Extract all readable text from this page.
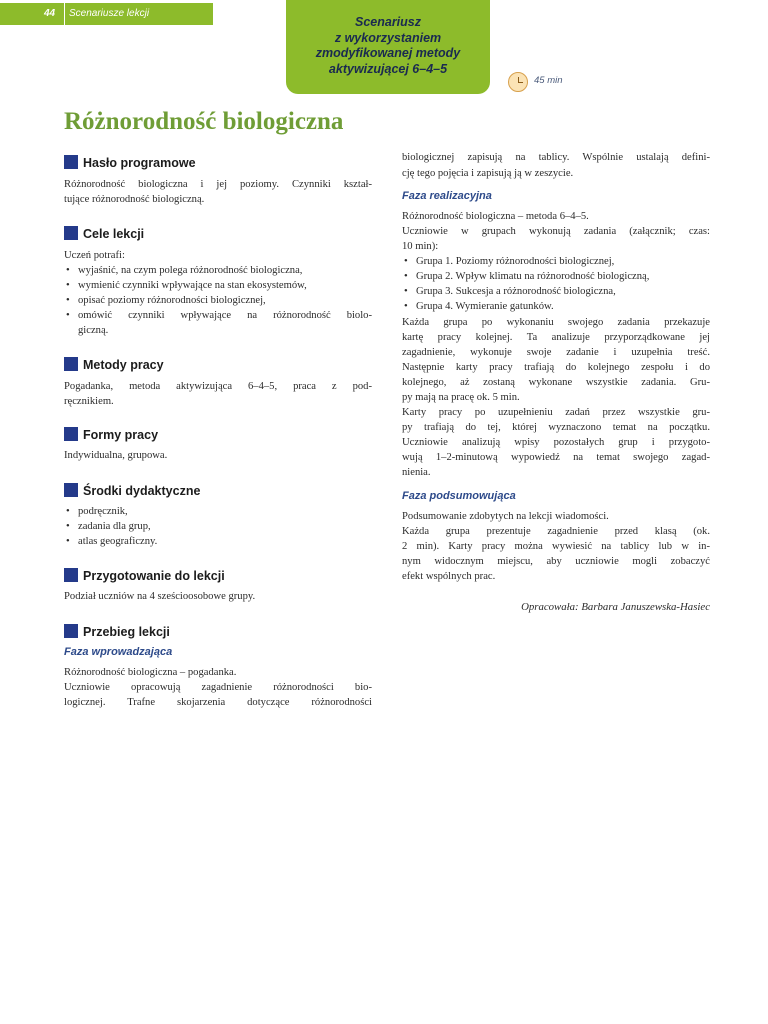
44	Scenariusze lekcji
Scenariusz
z wykorzystaniem
zmodyfikowanej metody
aktywizującej 6–4–5
45 min
Różnorodność biologiczna
Hasło programowe
Różnorodność biologiczna i jej poziomy. Czynniki kształ-
tujące różnorodność biologiczną.
Cele lekcji
Uczeń potrafi:
• wyjaśnić, na czym polega różnorodność biologiczna,
• wymienić czynniki wpływające na stan ekosystemów,
• opisać poziomy różnorodności biologicznej,
• omówić czynniki wpływające na różnorodność biolo-
giczną.
Metody pracy
Pogadanka, metoda aktywizująca 6–4–5, praca z pod-
ręcznikiem.
Formy pracy
Indywidualna, grupowa.
Środki dydaktyczne
• podręcznik,
• zadania dla grup,
• atlas geograficzny.
Przygotowanie do lekcji
Podział uczniów na 4 sześcioosobowe grupy.
Przebieg lekcji
Faza wprowadzająca
Różnorodność biologiczna – pogadanka.
Uczniowie opracowują zagadnienie różnorodności bio-
logicznej. Trafne skojarzenia dotyczące różnorodności
biologicznej zapisują na tablicy. Wspólnie ustalają defini-
cję tego pojęcia i zapisują ją w zeszycie.
Faza realizacyjna
Różnorodność biologiczna – metoda 6–4–5.
Uczniowie w grupach wykonują zadania (załącznik; czas:
10 min):
• Grupa 1. Poziomy różnorodności biologicznej,
• Grupa 2. Wpływ klimatu na różnorodność biologiczną,
• Grupa 3. Sukcesja a różnorodność biologiczna,
• Grupa 4. Wymieranie gatunków.
Każda grupa po wykonaniu swojego zadania przekazuje
kartę pracy kolejnej. Ta analizuje przyporządkowane jej
zagadnienie, wykonuje swoje zadanie i uzupełnia treść.
Następnie karty pracy trafiają do kolejnego zespołu i do
kolejnego, aż zostaną wykonane wszystkie zadania. Gru-
py mają na pracę ok. 5 min.
Karty pracy po uzupełnieniu zadań przez wszystkie gru-
py trafiają do tej, której wyznaczono temat na początku.
Uczniowie analizują wpisy pozostałych grup i przygoto-
wują 1–2-minutową wypowiedź na temat swojego zagad-
nienia.
Faza podsumowująca
Podsumowanie zdobytych na lekcji wiadomości.
Każda grupa prezentuje zagadnienie przed klasą (ok.
2 min). Karty pracy można wywiesić na tablicy lub w in-
nym widocznym miejscu, aby uczniowie mogli zobaczyć
efekt wspólnych prac.
Opracowała: Barbara Januszewska-Hasiec
